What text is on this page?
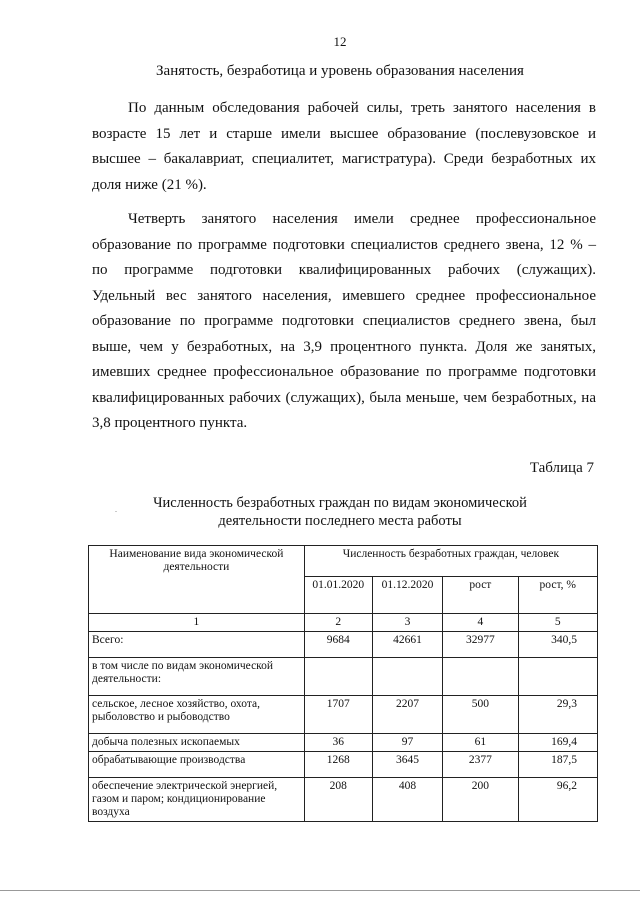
12
Занятость, безработица и уровень образования населения

По данным обследования рабочей силы, треть занятого населения в возрасте 15 лет и старше имели высшее образование (послевузовское и высшее – бакалавриат, специалитет, магистратура). Среди безработных их доля ниже (21 %).

Четверть занятого населения имели среднее профессиональное образование по программе подготовки специалистов среднего звена, 12 % – по программе подготовки квалифицированных рабочих (служащих). Удельный вес занятого населения, имевшего среднее профессиональное образование по программе подготовки специалистов среднего звена, был выше, чем у безработных, на 3,9 процентного пункта. Доля же занятых, имевших среднее профессиональное образование по программе подготовки квалифицированных рабочих (служащих), была меньше, чем безработных, на 3,8 процентного пункта.

Таблица 7
. Численность безработных граждан по видам экономической деятельности последнего места работы
Наименование вида экономической деятельности	Численность безработных граждан, человек			
	01.01.2020	01.12.2020	рост	рост, %
1	2	3	4	5
Всего:	9684	42661	32977	340,5
в том числе по видам экономической деятельности:				
сельское, лесное хозяйство, охота, рыболовство и рыбоводство	1707	2207	500	29,3
добыча полезных ископаемых	36	97	61	169,4
обрабатывающие производства	1268	3645	2377	187,5
обеспечение электрической энергией, газом и паром; кондиционирование воздуха	208	408	200	96,2
